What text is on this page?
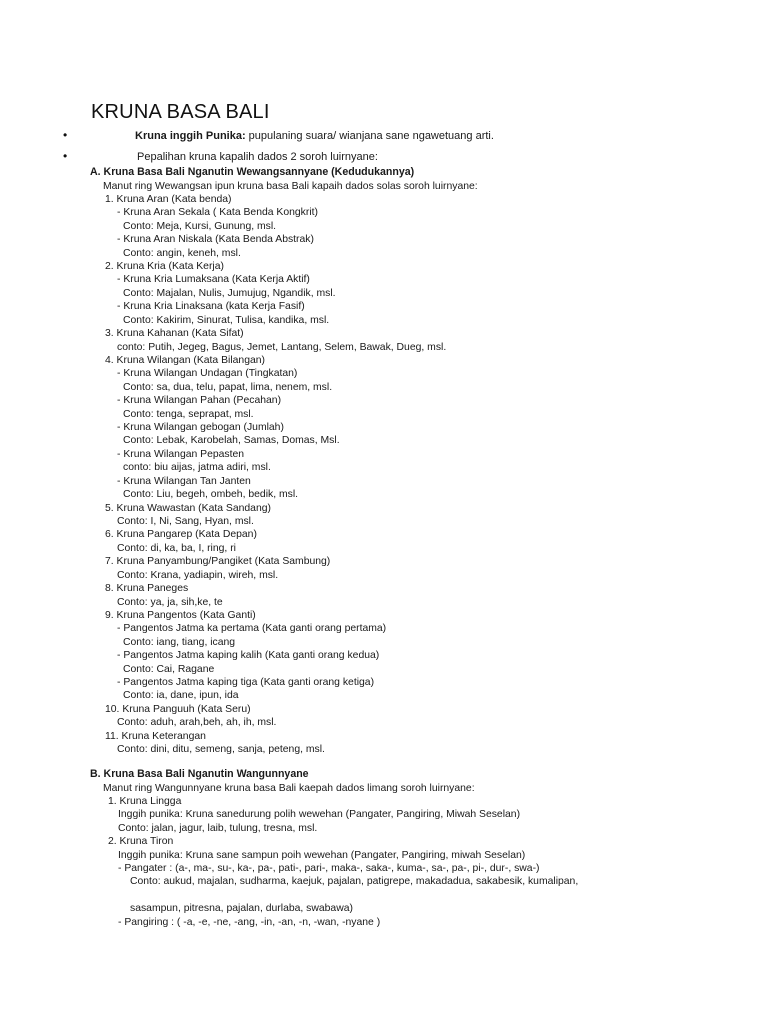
KRUNA BASA BALI
•	Kruna inggih Punika: pupulaning suara/ wianjana sane ngawetuang arti.
•	Pepalihan kruna kapalih dados 2 soroh luirnyane:
A. Kruna Basa Bali Nganutin Wewangsannyane (Kedudukannya)
Manut ring Wewangsan ipun kruna basa Bali kapaih dados solas soroh luirnyane:
1. Kruna Aran (Kata benda)
- Kruna Aran Sekala ( Kata Benda Kongkrit)
Conto: Meja, Kursi, Gunung, msl.
- Kruna Aran Niskala (Kata Benda Abstrak)
Conto: angin, keneh, msl.
2. Kruna Kria (Kata Kerja)
- Kruna Kria Lumaksana (Kata Kerja Aktif)
Conto: Majalan, Nulis, Jumujug, Ngandik, msl.
- Kruna Kria Linaksana (kata Kerja Fasif)
Conto: Kakirim, Sinurat, Tulisa, kandika, msl.
3. Kruna Kahanan (Kata Sifat)
conto: Putih, Jegeg, Bagus, Jemet, Lantang, Selem, Bawak, Dueg, msl.
4. Kruna Wilangan (Kata Bilangan)
- Kruna Wilangan Undagan (Tingkatan)
Conto: sa, dua, telu, papat, lima, nenem, msl.
- Kruna Wilangan Pahan (Pecahan)
Conto: tenga, seprapat, msl.
- Kruna Wilangan gebogan (Jumlah)
Conto: Lebak, Karobelah, Samas, Domas, Msl.
- Kruna Wilangan Pepasten
conto: biu aijas, jatma adiri, msl.
- Kruna Wilangan Tan Janten
Conto: Liu, begeh, ombeh, bedik, msl.
5. Kruna Wawastan (Kata Sandang)
Conto: I, Ni, Sang, Hyan, msl.
6. Kruna Pangarep (Kata Depan)
Conto: di, ka, ba, I, ring, ri
7. Kruna Panyambung/Pangiket (Kata Sambung)
Conto: Krana, yadiapin, wireh, msl.
8. Kruna Paneges
Conto: ya, ja, sih,ke, te
9. Kruna Pangentos (Kata Ganti)
- Pangentos Jatma ka pertama (Kata ganti orang pertama)
Conto: iang, tiang, icang
- Pangentos Jatma kaping kalih (Kata ganti orang kedua)
Conto: Cai, Ragane
- Pangentos Jatma kaping tiga (Kata ganti orang ketiga)
Conto: ia, dane, ipun, ida
10. Kruna Panguuh (Kata Seru)
Conto: aduh, arah,beh, ah, ih, msl.
11. Kruna Keterangan
Conto: dini, ditu, semeng, sanja, peteng, msl.
B. Kruna Basa Bali Nganutin Wangunnyane
Manut ring Wangunnyane kruna basa Bali kaepah dados limang soroh luirnyane:
1. Kruna Lingga
Inggih punika: Kruna sanedurung polih wewehan (Pangater, Pangiring, Miwah Seselan)
Conto: jalan, jagur, laib, tulung, tresna, msl.
2. Kruna Tiron
Inggih punika: Kruna sane sampun poih wewehan (Pangater, Pangiring, miwah Seselan)
- Pangater : (a-, ma-, su-, ka-, pa-, pati-, pari-, maka-, saka-, kuma-, sa-, pa-, pi-, dur-, swa-)
Conto: aukud, majalan, sudharma, kaejuk, pajalan, patigrepe, makadadua, sakabesik, kumalipan,
sasampun, pitresna, pajalan, durlaba, swabawa)
- Pangiring : ( -a, -e, -ne, -ang, -in, -an, -n, -wan, -nyane )
